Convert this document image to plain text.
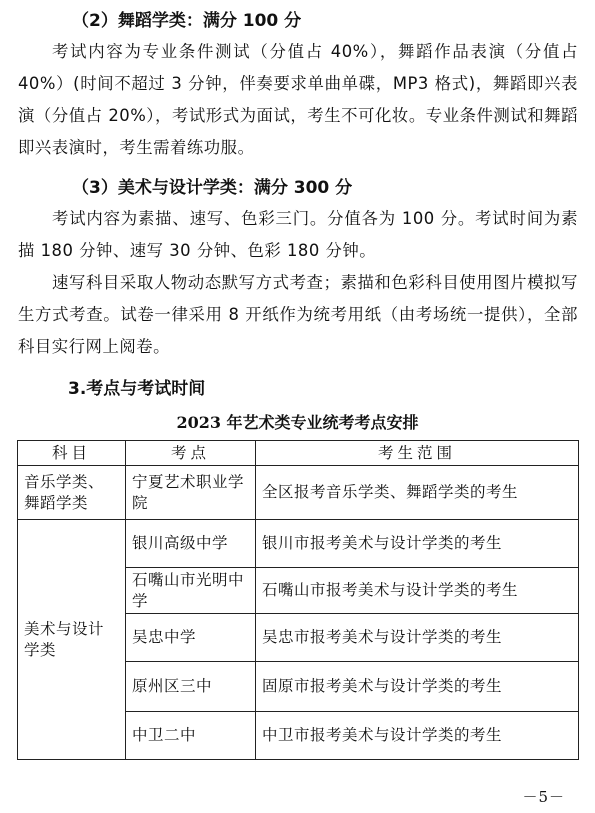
（2）舞蹈学类：满分 100 分

考试内容为专业条件测试（分值占 40%），舞蹈作品表演（分值占 40%）(时间不超过 3 分钟，伴奏要求单曲单碟，MP3 格式)，舞蹈即兴表演（分值占 20%），考试形式为面试，考生不可化妆。专业条件测试和舞蹈即兴表演时，考生需着练功服。

（3）美术与设计学类：满分 300 分

考试内容为素描、速写、色彩三门。分值各为 100 分。考试时间为素描 180 分钟、速写 30 分钟、色彩 180 分钟。

速写科目采取人物动态默写方式考查；素描和色彩科目使用图片模拟写生方式考查。试卷一律采用 8 开纸作为统考用纸（由考场统一提供），全部科目实行网上阅卷。

3.考点与考试时间

2023 年艺术类专业统考考点安排

科目	考点	考生范围
音乐学类、舞蹈学类	宁夏艺术职业学院	全区报考音乐学类、舞蹈学类的考生
美术与设计学类	银川高级中学	银川市报考美术与设计学类的考生
	石嘴山市光明中学	石嘴山市报考美术与设计学类的考生
	吴忠中学	吴忠市报考美术与设计学类的考生
	原州区三中	固原市报考美术与设计学类的考生
	中卫二中	中卫市报考美术与设计学类的考生

－5－
